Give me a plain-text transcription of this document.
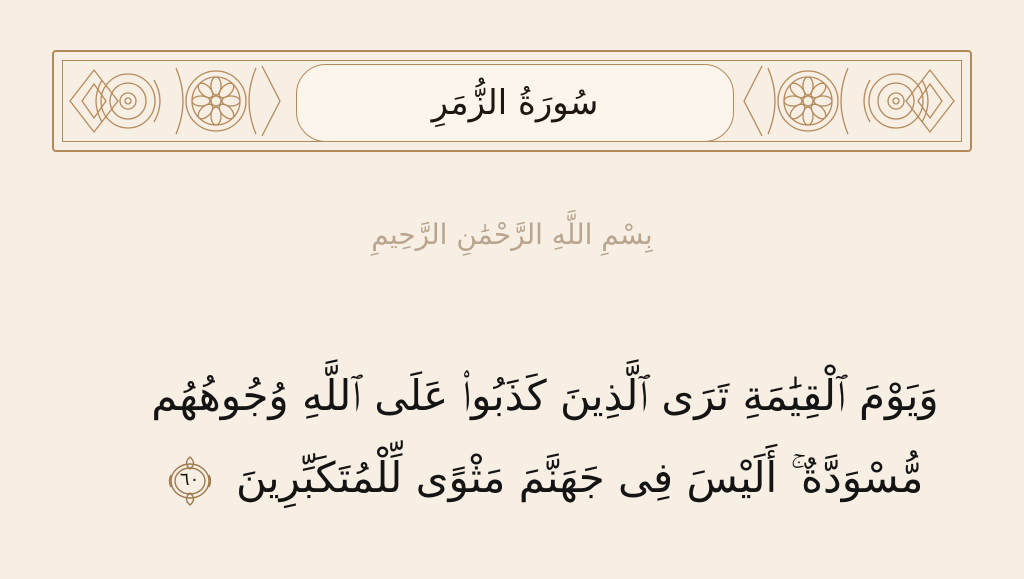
سُورَةُ الزُّمَرِ
بِسْمِ اللَّهِ الرَّحْمَٰنِ الرَّحِيمِ
وَيَوْمَ ٱلْقِيَٰمَةِ تَرَى ٱلَّذِينَ كَذَبُوا۟ عَلَى ٱللَّهِ وُجُوهُهُم مُّسْوَدَّةٌ ۚ أَلَيْسَ فِى جَهَنَّمَ مَثْوًى لِّلْمُتَكَبِّرِينَ
٦٠
